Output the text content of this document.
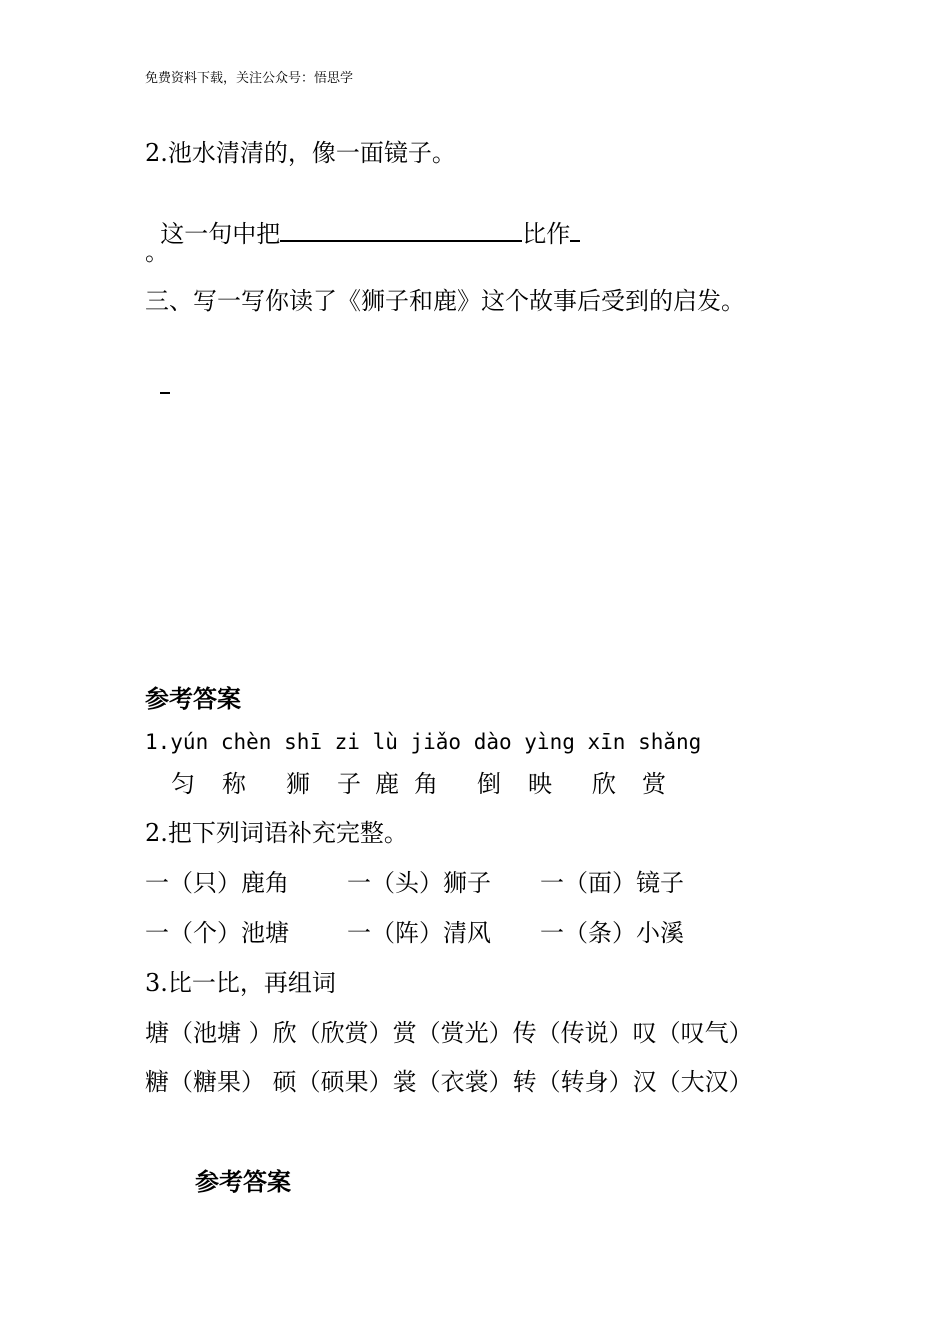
免费资料下载，关注公众号：悟思学
2.池水清清的，像一面镜子。

这一句中把	比作

。
三、写一写你读了《狮子和鹿》这个故事后受到的启发。

参考答案
1.yún chèn shī zi lù jiǎo dào yìng xīn shǎng
匀 称 狮 子 鹿 角 倒 映 欣 赏
2.把下列词语补充完整。
一（只）鹿角 一（头）狮子 一（面）镜子
一（个）池塘 一（阵）清风 一（条）小溪
3.比一比，再组词
塘（池塘 ）欣（欣赏）赏（赏光）传（传说）叹（叹气）
糖（糖果） 硕（硕果）裳（衣裳）转（转身）汉（大汉）
参考答案
